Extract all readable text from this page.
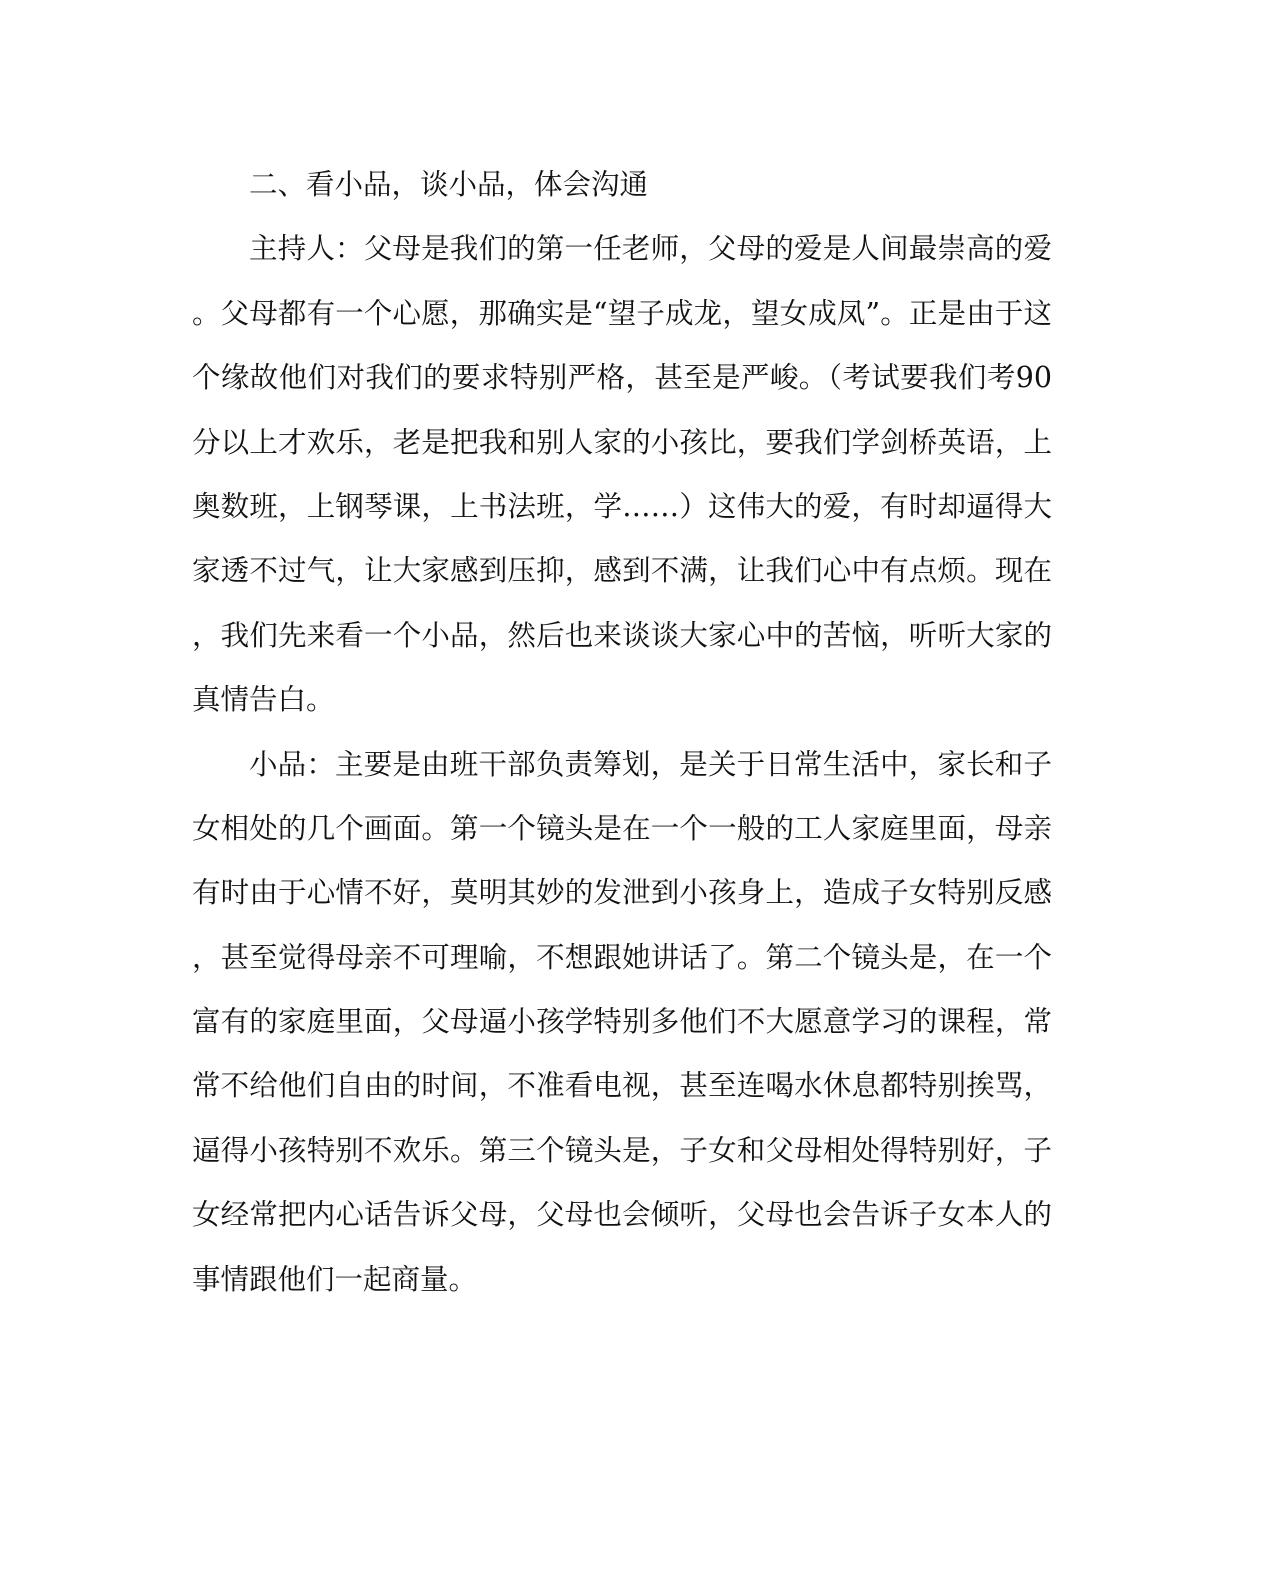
二、看小品，谈小品，体会沟通
主持人：父母是我们的第一任老师，父母的爱是人间最崇高的爱
。父母都有一个心愿，那确实是“望子成龙，望女成凤”。正是由于这
个缘故他们对我们的要求特别严格，甚至是严峻。（考试要我们考90
分以上才欢乐，老是把我和别人家的小孩比，要我们学剑桥英语，上
奥数班，上钢琴课，上书法班，学……）这伟大的爱，有时却逼得大
家透不过气，让大家感到压抑，感到不满，让我们心中有点烦。现在
，我们先来看一个小品，然后也来谈谈大家心中的苦恼，听听大家的
真情告白。
小品：主要是由班干部负责筹划，是关于日常生活中，家长和子
女相处的几个画面。第一个镜头是在一个一般的工人家庭里面，母亲
有时由于心情不好，莫明其妙的发泄到小孩身上，造成子女特别反感
，甚至觉得母亲不可理喻，不想跟她讲话了。第二个镜头是，在一个
富有的家庭里面，父母逼小孩学特别多他们不大愿意学习的课程，常
常不给他们自由的时间，不准看电视，甚至连喝水休息都特别挨骂，
逼得小孩特别不欢乐。第三个镜头是，子女和父母相处得特别好，子
女经常把内心话告诉父母，父母也会倾听，父母也会告诉子女本人的
事情跟他们一起商量。
